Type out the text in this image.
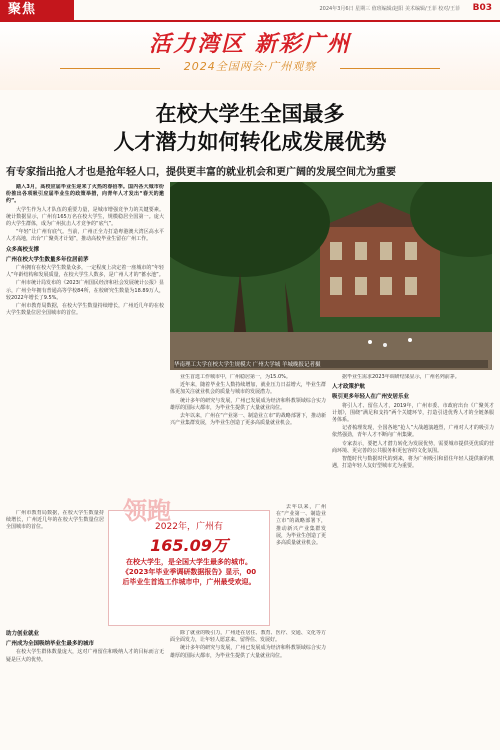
聚焦	2024年3月6日 星期三 值班编辑/赵阳 美术编辑/王菲 校对/王菲 B03
活力湾区 新彩广州
2024全国两会·广州观察
在校大学生全国最多
人才潜力如何转化成发展优势
有专家指出抢人才也是抢年轻人口，提供更丰富的就业机会和更广阔的发展空间尤为重要

踏入3月，高校应届毕业生迎来了火热的春招季。国内各大城市纷纷推出各项吸引应届毕业生的政策举措，向青年人才发出“春天的邀约”。

大学生作为人才队伍的重要力量，是城市增强竞争力的关键要素。统计数据显示，广州有165万名在校大学生，规模稳居全国第一。庞大的大学生群体，成为广州抗击人才竞争的“底气”。

“年轻”让广州有底气。当前，广州正全力打造粤港澳大湾区高水平人才高地，出台“广聚英才计划”，推动高校毕业生留在广州工作。

众多高校支撑
广州在校大学生数量多年位居前茅

广州拥有在校大学生数量众多，一定程度上决定着一座城市的“年轻人”年龄结构和发展质量，在校大学生人数多，是广州人才的“蓄水池”。

广州市统计局发布的《2023广州国民经济和社会发展统计公报》显示，广州全年拥有普通高等学校84所，在校研究生数量为18.89万人，较2022年增长了9.5%。

广州市教育局数据，在校大学生数量持续增长，广州近几年的在校大学生数量位居全国城市的首位。

广州市教育局数据，在校大学生数量持续增长，广州近几年的在校大学生数量位居全国城市的首位。

助力创业就业
广州成为全国吸纳毕业生最多的城市

在校大学生群体数量庞大，这对广州留住和吸纳人才的目标而言无疑是巨大的优势。

华南理工大学在校大学生规模大 广州大学城 羊城晚报记者摄

业生首选工作城市中，广州稳居第一，为15.0%。

近年来，随着毕业生人数持续增加，就业压力日益增大，毕业生群体更加关注就业机会的质量与城市的发展潜力。

统计多年的研究与发展，广州已发展成为经济和科教领域综合实力雄厚的国际大都市，为毕业生提供了大量就业岗位。

去年以来，广州在“产业第一、制造业立市”的战略部署下，推动新兴产业集群发展，为毕业生创造了更多高质量就业机会。

去年以来，广州在“产业第一、制造业立市”的战略部署下，推动新兴产业集群发展，为毕业生创造了更多高质量就业机会。

除了就业的吸引力，广州还在居住、教育、医疗、交通、文化等方面全面发力，让年轻人愿意来、留得住、发展好。

统计多年的研究与发展，广州已发展成为经济和科教领域综合实力雄厚的国际大都市，为毕业生提供了大量就业岗位。

据毕业生需求2023年调研结果显示，广州名列前茅。

人才政策护航
吸引更多年轻人在广州安居乐业

将引人才、留住人才，2019年，广州市委、市政府出台《广聚英才计划》，围绕“满足和支持”两个关键环节，打造引进优秀人才的全链条服务体系。

记者梳理发现，全国各地“抢人”大战越演越烈，广州对人才的吸引力依然强劲，青年人才不断向广州集聚。

专家表示，要把人才潜力转化为发展优势，需要城市提供更优质的营商环境、更完善的公共服务和更包容的文化氛围。

智能时代与数据时代的到来，将为广州吸引和留住年轻人提供新的机遇，打造年轻人友好型城市尤为重要。

领跑
2022年，广州有
165.09万
在校大学生，是全国大学生最多的城市。
《2023年毕业季调研数据报告》显示，00后毕业生首选工作城市中，广州最受欢迎。
